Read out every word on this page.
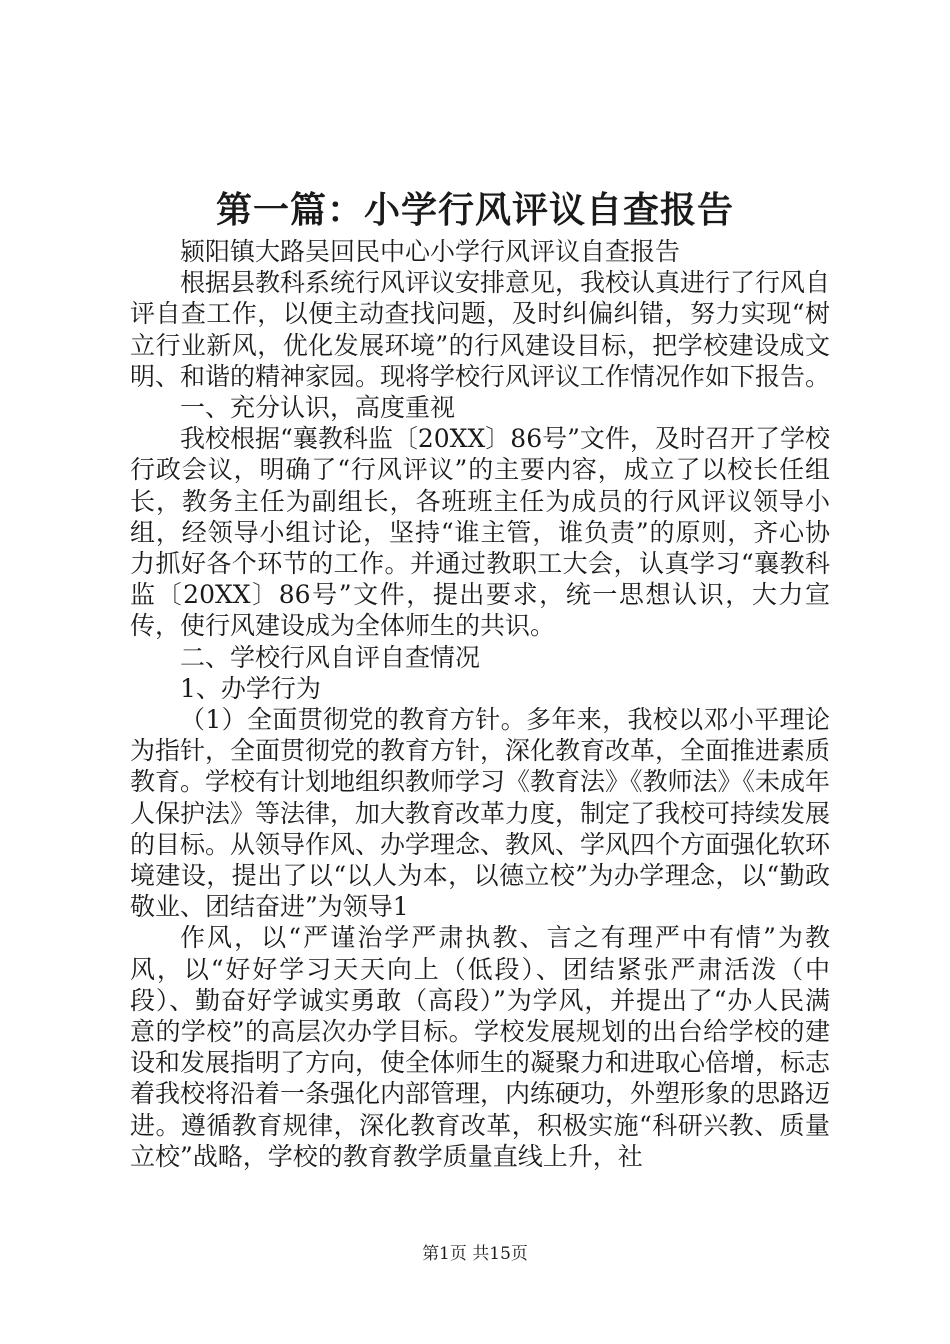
第一篇：小学行风评议自查报告

颍阳镇大路吴回民中心小学行风评议自查报告

根据县教科系统行风评议安排意见，我校认真进行了行风自评自查工作，以便主动查找问题，及时纠偏纠错，努力实现“树立行业新风，优化发展环境”的行风建设目标，把学校建设成文明、和谐的精神家园。现将学校行风评议工作情况作如下报告。

一、充分认识，高度重视

我校根据“襄教科监〔20XX〕86号”文件，及时召开了学校行政会议，明确了“行风评议”的主要内容，成立了以校长任组长，教务主任为副组长，各班班主任为成员的行风评议领导小组，经领导小组讨论，坚持“谁主管，谁负责”的原则，齐心协力抓好各个环节的工作。并通过教职工大会，认真学习“襄教科监〔20XX〕86号”文件，提出要求，统一思想认识，大力宣传，使行风建设成为全体师生的共识。

二、学校行风自评自查情况

1、办学行为

（1）全面贯彻党的教育方针。多年来，我校以邓小平理论为指针，全面贯彻党的教育方针，深化教育改革，全面推进素质教育。学校有计划地组织教师学习《教育法》《教师法》《未成年人保护法》等法律，加大教育改革力度，制定了我校可持续发展的目标。从领导作风、办学理念、教风、学风四个方面强化软环境建设，提出了以“以人为本，以德立校”为办学理念，以“勤政敬业、团结奋进”为领导1

作风，以“严谨治学严肃执教、言之有理严中有情”为教风，以“好好学习天天向上（低段）、团结紧张严肃活泼（中段）、勤奋好学诚实勇敢（高段）”为学风，并提出了“办人民满意的学校”的高层次办学目标。学校发展规划的出台给学校的建设和发展指明了方向，使全体师生的凝聚力和进取心倍增，标志着我校将沿着一条强化内部管理，内练硬功，外塑形象的思路迈进。遵循教育规律，深化教育改革，积极实施“科研兴教、质量立校”战略，学校的教育教学质量直线上升，社

第1页 共15页
